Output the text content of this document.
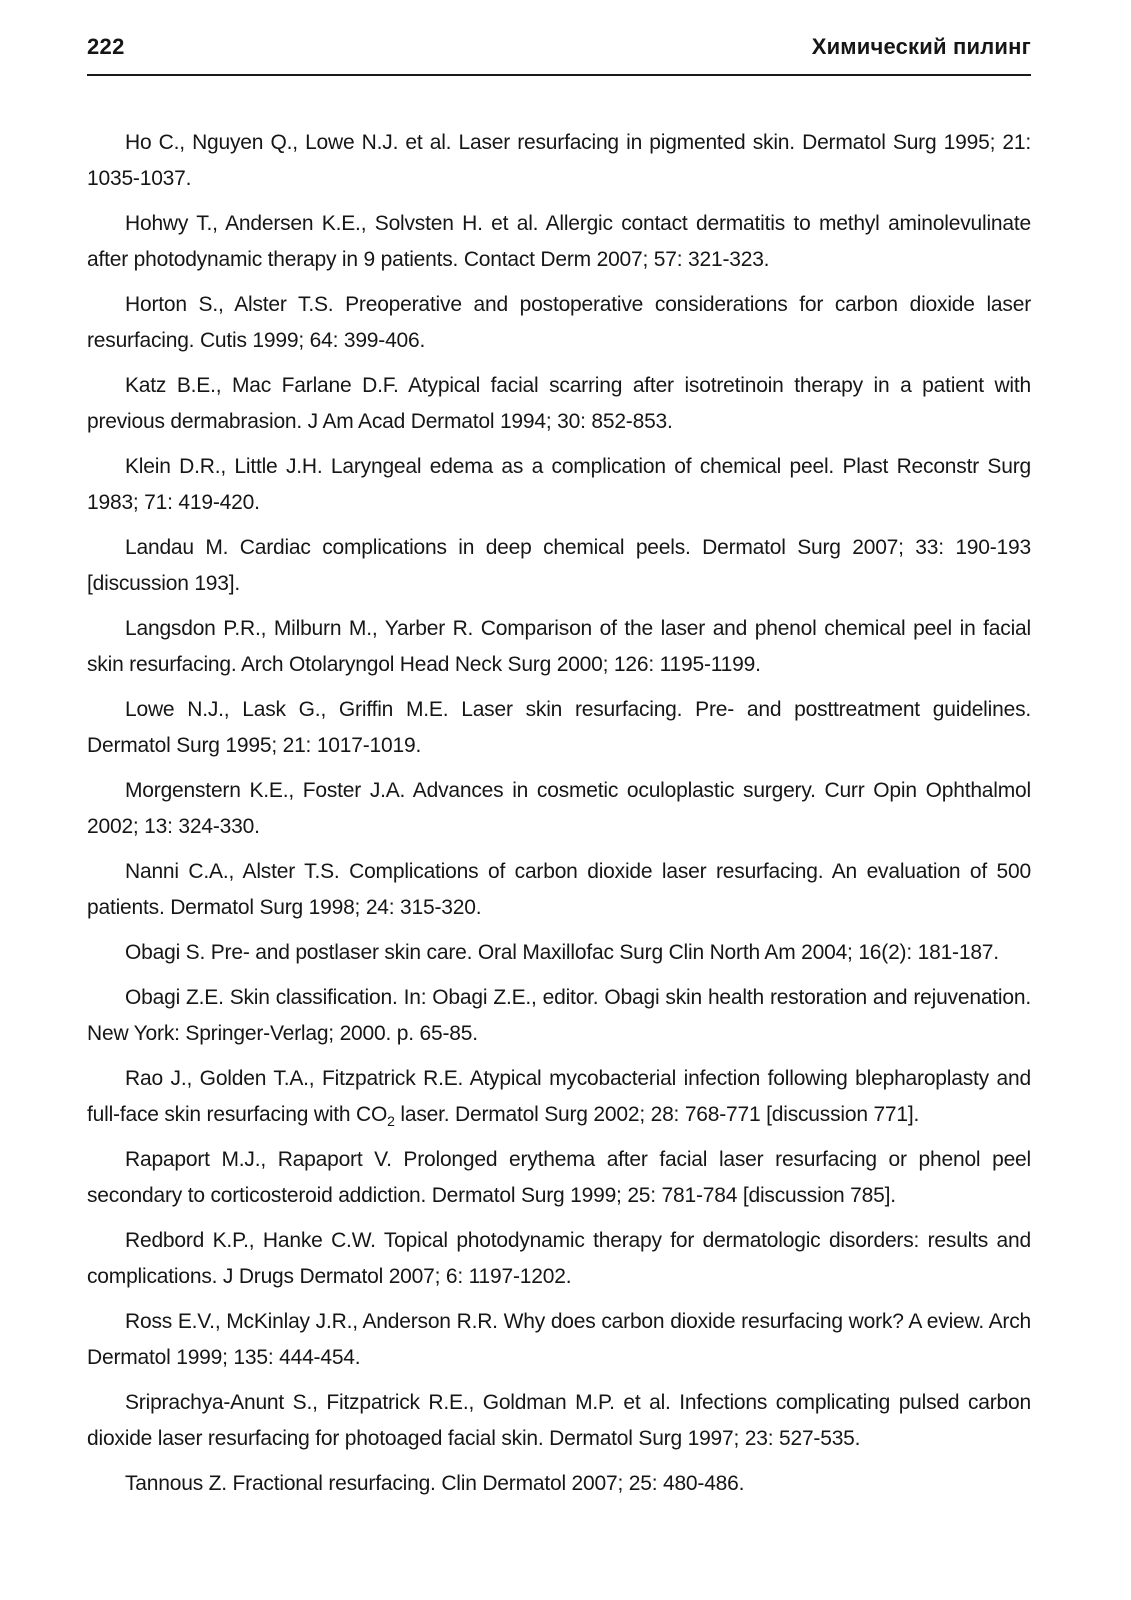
222	Химический пилинг
Ho C., Nguyen Q., Lowe N.J. et al. Laser resurfacing in pigmented skin. Dermatol Surg 1995; 21: 1035-1037.
Hohwy T., Andersen K.E., Solvsten H. et al. Allergic contact dermatitis to methyl aminolevulinate after photodynamic therapy in 9 patients. Contact Derm 2007; 57: 321-323.
Horton S., Alster T.S. Preoperative and postoperative considerations for carbon dioxide laser resurfacing. Cutis 1999; 64: 399-406.
Katz B.E., Mac Farlane D.F. Atypical facial scarring after isotretinoin therapy in a patient with previous dermabrasion. J Am Acad Dermatol 1994; 30: 852-853.
Klein D.R., Little J.H. Laryngeal edema as a complication of chemical peel. Plast Reconstr Surg 1983; 71: 419-420.
Landau M. Cardiac complications in deep chemical peels. Dermatol Surg 2007; 33: 190-193 [discussion 193].
Langsdon P.R., Milburn M., Yarber R. Comparison of the laser and phenol chemical peel in facial skin resurfacing. Arch Otolaryngol Head Neck Surg 2000; 126: 1195-1199.
Lowe N.J., Lask G., Griffin M.E. Laser skin resurfacing. Pre- and posttreatment guidelines. Dermatol Surg 1995; 21: 1017-1019.
Morgenstern K.E., Foster J.A. Advances in cosmetic oculoplastic surgery. Curr Opin Ophthalmol 2002; 13: 324-330.
Nanni C.A., Alster T.S. Complications of carbon dioxide laser resurfacing. An evaluation of 500 patients. Dermatol Surg 1998; 24: 315-320.
Obagi S. Pre- and postlaser skin care. Oral Maxillofac Surg Clin North Am 2004; 16(2): 181-187.
Obagi Z.E. Skin classification. In: Obagi Z.E., editor. Obagi skin health restoration and rejuvenation. New York: Springer-Verlag; 2000. p. 65-85.
Rao J., Golden T.A., Fitzpatrick R.E. Atypical mycobacterial infection following blepharoplasty and full-face skin resurfacing with $CO_2$ laser. Dermatol Surg 2002; 28: 768-771 [discussion 771].
Rapaport M.J., Rapaport V. Prolonged erythema after facial laser resurfacing or phenol peel secondary to corticosteroid addiction. Dermatol Surg 1999; 25: 781-784 [discussion 785].
Redbord K.P., Hanke C.W. Topical photodynamic therapy for dermatologic disorders: results and complications. J Drugs Dermatol 2007; 6: 1197-1202.
Ross E.V., McKinlay J.R., Anderson R.R. Why does carbon dioxide resurfacing work? A eview. Arch Dermatol 1999; 135: 444-454.
Sriprachya-Anunt S., Fitzpatrick R.E., Goldman M.P. et al. Infections complicating pulsed carbon dioxide laser resurfacing for photoaged facial skin. Dermatol Surg 1997; 23: 527-535.
Tannous Z. Fractional resurfacing. Clin Dermatol 2007; 25: 480-486.
